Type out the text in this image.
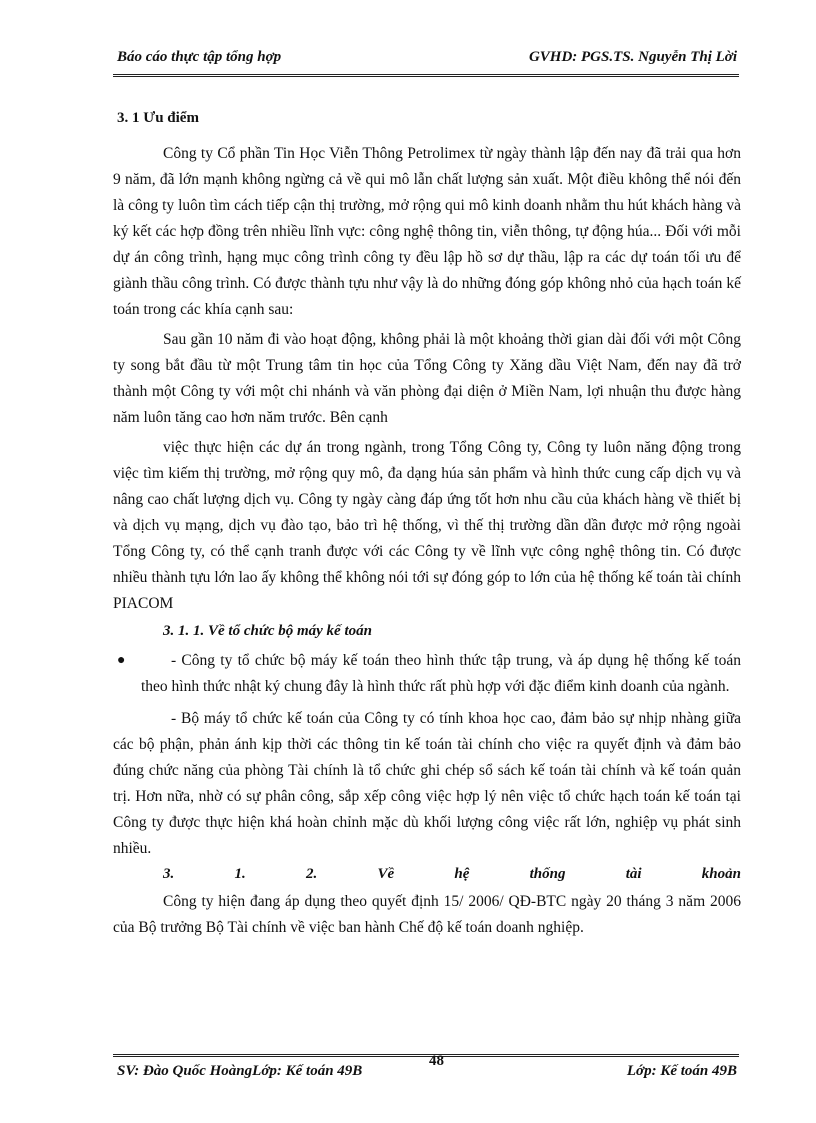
Báo cáo thực tập tổng hợp	GVHD: PGS.TS. Nguyễn Thị Lời
3. 1 Ưu điểm

Công ty Cổ phần Tin Học Viễn Thông Petrolimex từ ngày thành lập đến nay đã trải qua hơn 9 năm, đã lớn mạnh không ngừng cả về qui mô lẫn chất lượng sản xuất. Một điều không thể nói đến là công ty luôn tìm cách tiếp cận thị trường, mở rộng qui mô kinh doanh nhằm thu hút khách hàng và ký kết các hợp đồng trên nhiều lĩnh vực: công nghệ thông tin, viễn thông, tự động húa... Đối với mỗi dự án công trình, hạng mục công trình công ty đều lập hồ sơ dự thầu, lập ra các dự toán tối ưu để giành thầu công trình. Có được thành tựu như vậy là do những đóng góp không nhỏ của hạch toán kế toán trong các khía cạnh sau:

Sau gần 10 năm đi vào hoạt động, không phải là một khoảng thời gian dài đối với một Công ty song bắt đầu từ một Trung tâm tin học của Tổng Công ty Xăng dầu Việt Nam, đến nay đã trở thành một Công ty với một chi nhánh và văn phòng đại diện ở Miền Nam, lợi nhuận thu được hàng năm luôn tăng cao hơn năm trước. Bên cạnh

việc thực hiện các dự án trong ngành, trong Tổng Công ty, Công ty luôn năng động trong việc tìm kiếm thị trường, mở rộng quy mô, đa dạng húa sản phẩm và hình thức cung cấp dịch vụ và nâng cao chất lượng dịch vụ. Công ty ngày càng đáp ứng tốt hơn nhu cầu của khách hàng về thiết bị và dịch vụ mạng, dịch vụ đào tạo, bảo trì hệ thống, vì thế thị trường dần dần được mở rộng ngoài Tổng Công ty, có thể cạnh tranh được với các Công ty về lĩnh vực công nghệ thông tin. Có được nhiều thành tựu lớn lao ấy không thể không nói tới sự đóng góp to lớn của hệ thống kế toán tài chính PIACOM

3. 1. 1. Về tổ chức bộ máy kế toán
●	- Công ty tổ chức bộ máy kế toán theo hình thức tập trung, và áp dụng hệ thống kế toán theo hình thức nhật ký chung đây là hình thức rất phù hợp với đặc điểm kinh doanh của ngành.

- Bộ máy tổ chức kế toán của Công ty có tính khoa học cao, đảm bảo sự nhịp nhàng giữa các bộ phận, phản ánh kịp thời các thông tin kế toán tài chính cho việc ra quyết định và đảm bảo đúng chức năng của phòng Tài chính là tổ chức ghi chép sổ sách kế toán tài chính và kế toán quản trị. Hơn nữa, nhờ có sự phân công, sắp xếp công việc hợp lý nên việc tổ chức hạch toán kế toán tại Công ty được thực hiện khá hoàn chỉnh mặc dù khối lượng công việc rất lớn, nghiệp vụ phát sinh nhiều.

3.	1.	2.	Về	hệ	thống	tài	khoản

Công ty hiện đang áp dụng theo quyết định 15/ 2006/ QĐ-BTC ngày 20 tháng 3 năm 2006 của Bộ trưởng Bộ Tài chính về việc ban hành Chế độ kế toán doanh nghiệp.

SV: Đào Quốc HoàngLớp: Kế toán 49B
48
Lớp: Kế toán 49B
